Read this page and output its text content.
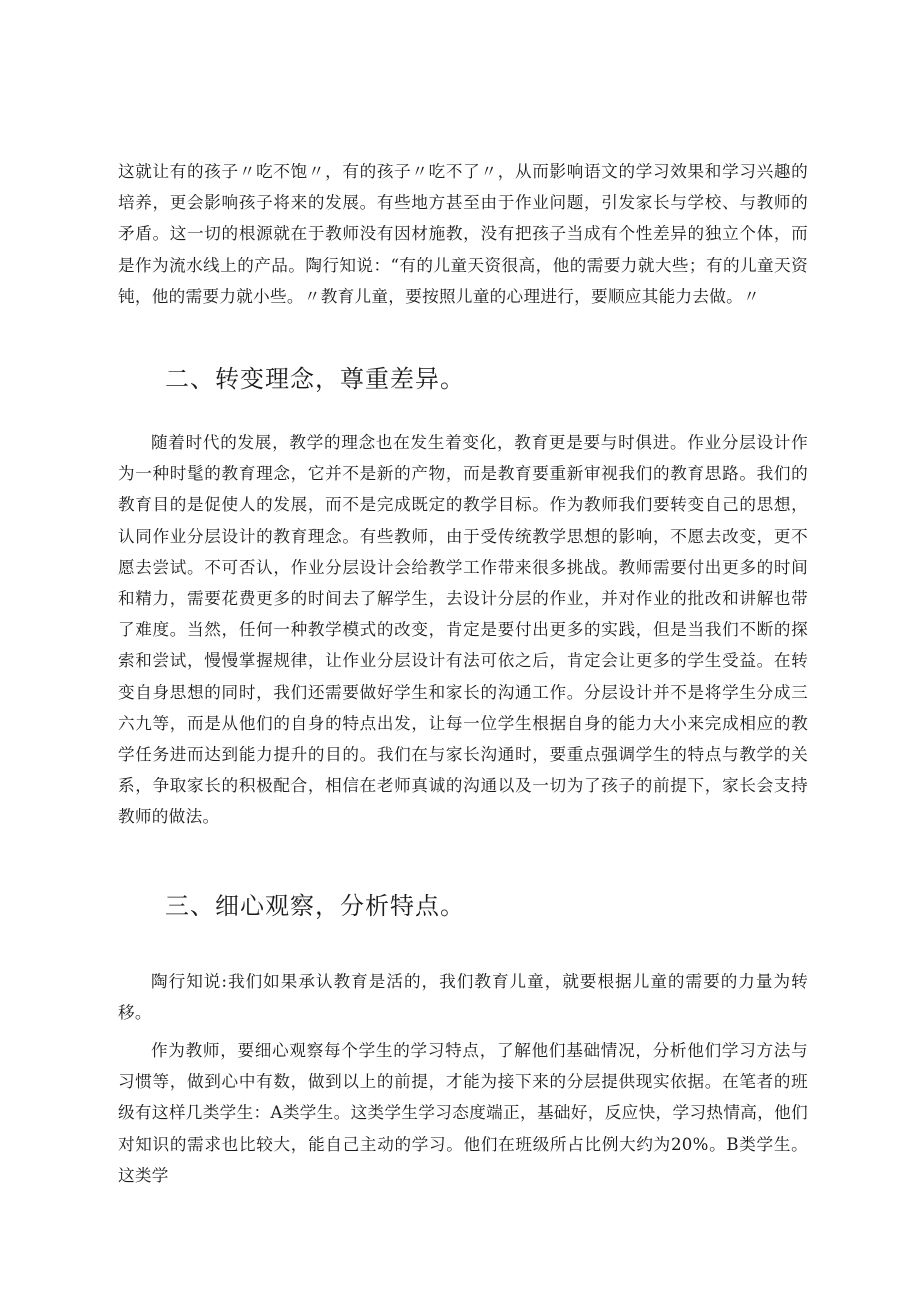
这就让有的孩子〃吃不饱〃，有的孩子〃吃不了〃，从而影响语文的学习效果和学习兴趣的培养，更会影响孩子将来的发展。有些地方甚至由于作业问题，引发家长与学校、与教师的矛盾。这一切的根源就在于教师没有因材施教，没有把孩子当成有个性差异的独立个体，而是作为流水线上的产品。陶行知说：“有的儿童天资很高，他的需要力就大些；有的儿童天资钝，他的需要力就小些。〃教育儿童，要按照儿童的心理进行，要顺应其能力去做。〃

二、转变理念，尊重差异。

随着时代的发展，教学的理念也在发生着变化，教育更是要与时俱进。作业分层设计作为一种时髦的教育理念，它并不是新的产物，而是教育要重新审视我们的教育思路。我们的教育目的是促使人的发展，而不是完成既定的教学目标。作为教师我们要转变自己的思想，认同作业分层设计的教育理念。有些教师，由于受传统教学思想的影响，不愿去改变，更不愿去尝试。不可否认，作业分层设计会给教学工作带来很多挑战。教师需要付出更多的时间和精力，需要花费更多的时间去了解学生，去设计分层的作业，并对作业的批改和讲解也带了难度。当然，任何一种教学模式的改变，肯定是要付出更多的实践，但是当我们不断的探索和尝试，慢慢掌握规律，让作业分层设计有法可依之后，肯定会让更多的学生受益。在转变自身思想的同时，我们还需要做好学生和家长的沟通工作。分层设计并不是将学生分成三六九等，而是从他们的自身的特点出发，让每一位学生根据自身的能力大小来完成相应的教学任务进而达到能力提升的目的。我们在与家长沟通时，要重点强调学生的特点与教学的关系，争取家长的积极配合，相信在老师真诚的沟通以及一切为了孩子的前提下，家长会支持教师的做法。

三、细心观察，分析特点。

陶行知说:我们如果承认教育是活的，我们教育儿童，就要根据儿童的需要的力量为转移。

作为教师，要细心观察每个学生的学习特点，了解他们基础情况，分析他们学习方法与习惯等，做到心中有数，做到以上的前提，才能为接下来的分层提供现实依据。在笔者的班级有这样几类学生：A类学生。这类学生学习态度端正，基础好，反应快，学习热情高，他们对知识的需求也比较大，能自己主动的学习。他们在班级所占比例大约为20%。B类学生。这类学
